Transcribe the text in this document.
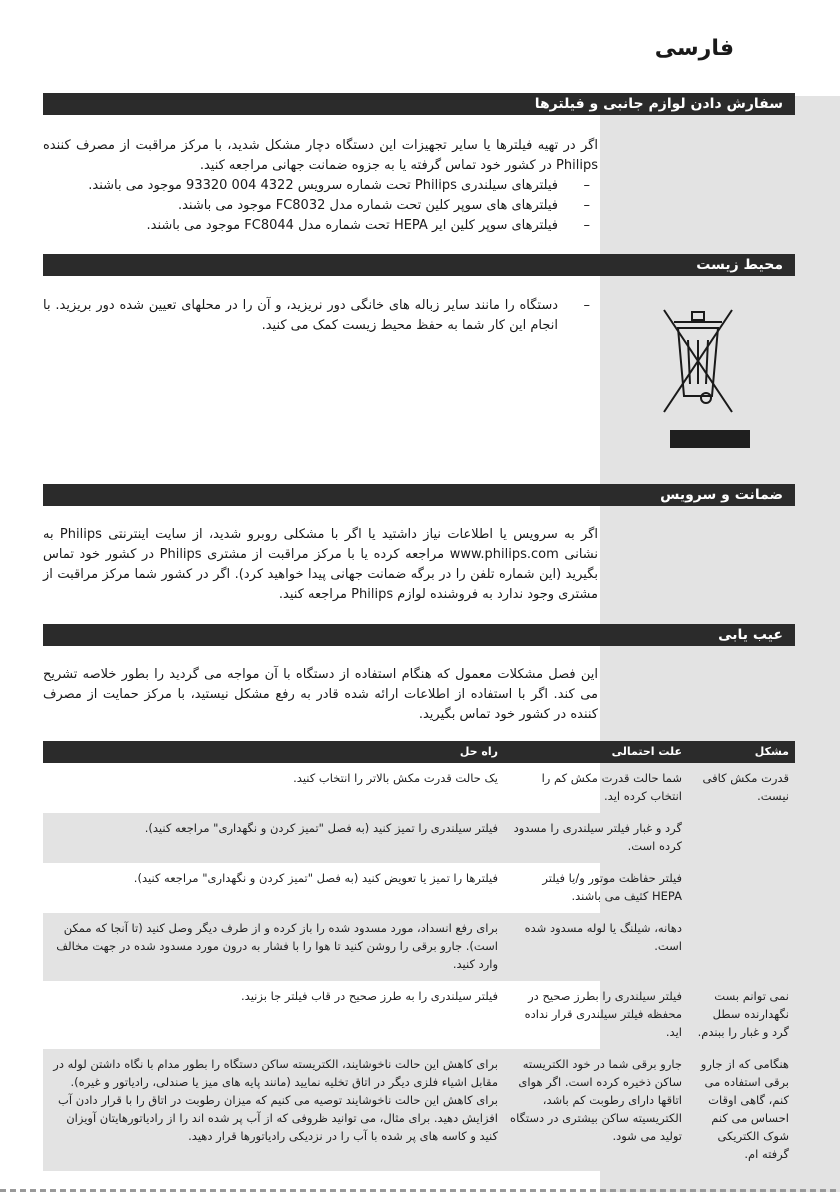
فارسی
سفارش دادن لوازم جانبی و فیلترها

اگر در تهیه فیلترها یا سایر تجهیزات این دستگاه دچار مشکل شدید، با مرکز مراقبت از مصرف کننده Philips در کشور خود تماس گرفته یا به جزوه ضمانت جهانی مراجعه کنید.

– فیلترهای سیلندری Philips تحت شماره سرویس 4322 004 93320 موجود می باشند.
– فیلترهای های سوپر کلین تحت شماره مدل FC8032 موجود می باشند.
– فیلترهای سوپر کلین ایر HEPA تحت شماره مدل FC8044 موجود می باشند.
محیط زیست
– دستگاه را مانند سایر زباله های خانگی دور نریزید، و آن را در محلهای تعیین شده دور بریزید. با انجام این کار شما به حفظ محیط زیست کمک می کنید.
ضمانت و سرویس

اگر به سرویس یا اطلاعات نیاز داشتید یا اگر با مشکلی روبرو شدید، از سایت اینترنتی Philips به نشانی www.philips.com مراجعه کرده یا با مرکز مراقبت از مشتری Philips در کشور خود تماس بگیرید (این شماره تلفن را در برگه ضمانت جهانی پیدا خواهید کرد). اگر در کشور شما مرکز مراقبت از مشتری وجود ندارد به فروشنده لوازم Philips مراجعه کنید.

عیب یابی

این فصل مشکلات معمول که هنگام استفاده از دستگاه با آن مواجه می گردید را بطور خلاصه تشریح می کند. اگر با استفاده از اطلاعات ارائه شده قادر به رفع مشکل نیستید، با مرکز حمایت از مصرف کننده در کشور خود تماس بگیرید.

مشکل	علت احتمالی	راه حل
قدرت مکش کافی نیست.	شما حالت قدرت مکش کم را انتخاب کرده اید.	یک حالت قدرت مکش بالاتر را انتخاب کنید.
	گرد و غبار فیلتر سیلندری را مسدود کرده است.	فیلتر سیلندری را تمیز کنید (به فصل "تمیز کردن و نگهداری" مراجعه کنید).
	فیلتر حفاظت موتور و/یا فیلتر HEPA کثیف می باشند.	فیلترها را تمیز یا تعویض کنید (به فصل "تمیز کردن و نگهداری" مراجعه کنید).
	دهانه، شیلنگ یا لوله مسدود شده است.	برای رفع انسداد، مورد مسدود شده را باز کرده و از طرف دیگر وصل کنید (تا آنجا که ممکن است). جارو برقی را روشن کنید تا هوا را با فشار به درون مورد مسدود شده در جهت مخالف وارد کنید.
نمی توانم بست نگهدارنده سطل گرد و غبار را ببندم.	فیلتر سیلندری را بطرز صحیح در محفظه فیلتر سیلندری قرار نداده اید.	فیلتر سیلندری را به طرز صحیح در قاب فیلتر جا بزنید.
هنگامی که از جارو برقی استفاده می کنم، گاهی اوقات احساس می کنم شوک الکتریکی گرفته ام.	جارو برقی شما در خود الکتریسته ساکن ذخیره کرده است. اگر هوای اتاقها دارای رطوبت کم باشد، الکتریسیته ساکن بیشتری در دستگاه تولید می شود.	برای کاهش این حالت ناخوشایند، الکتریسته ساکن دستگاه را بطور مدام با نگاه داشتن لوله در مقابل اشیاء فلزی دیگر در اتاق تخلیه نمایید (مانند پایه های میز یا صندلی، رادیاتور و غیره). برای کاهش این حالت ناخوشایند توصیه می کنیم که میزان رطوبت در اتاق را با قرار دادن آب افزایش دهید. برای مثال، می توانید ظروفی که از آب پر شده اند را از رادیاتورهایتان آویزان کنید و کاسه های پر شده با آب را در نزدیکی رادیاتورها قرار دهید.
